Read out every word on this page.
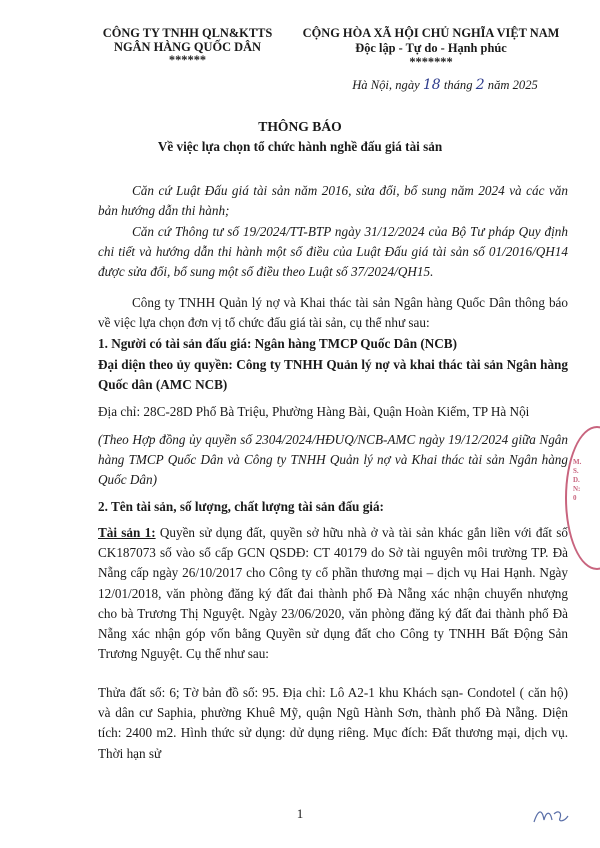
CÔNG TY TNHH QLN&KTTS
NGÂN HÀNG QUỐC DÂN
******
CỘNG HÒA XÃ HỘI CHỦ NGHĨA VIỆT NAM
Độc lập - Tự do - Hạnh phúc
*******
Hà Nội, ngày 18 tháng 2 năm 2025
THÔNG BÁO
Về việc lựa chọn tổ chức hành nghề đấu giá tài sản
Căn cứ Luật Đấu giá tài sản năm 2016, sửa đổi, bổ sung năm 2024 và các văn bản hướng dẫn thi hành;
Căn cứ Thông tư số 19/2024/TT-BTP ngày 31/12/2024 của Bộ Tư pháp Quy định chi tiết và hướng dẫn thi hành một số điều của Luật Đấu giá tài sản số 01/2016/QH14 được sửa đổi, bổ sung một số điều theo Luật số 37/2024/QH15.
Công ty TNHH Quản lý nợ và Khai thác tài sản Ngân hàng Quốc Dân thông báo về việc lựa chọn đơn vị tổ chức đấu giá tài sản, cụ thể như sau:
1. Người có tài sản đấu giá: Ngân hàng TMCP Quốc Dân (NCB)
Đại diện theo ủy quyền: Công ty TNHH Quản lý nợ và khai thác tài sản Ngân hàng Quốc dân (AMC NCB)
Địa chỉ: 28C-28D Phố Bà Triệu, Phường Hàng Bài, Quận Hoàn Kiếm, TP Hà Nội
(Theo Hợp đồng ủy quyền số 2304/2024/HĐUQ/NCB-AMC ngày 19/12/2024 giữa Ngân hàng TMCP Quốc Dân và Công ty TNHH Quản lý nợ và Khai thác tài sản Ngân hàng Quốc Dân)
2. Tên tài sản, số lượng, chất lượng tài sản đấu giá:
Tài sản 1: Quyền sử dụng đất, quyền sở hữu nhà ở và tài sản khác gắn liền với đất số CK187073 số vào sổ cấp GCN QSDĐ: CT 40179 do Sở tài nguyên môi trường TP. Đà Nẵng cấp ngày 26/10/2017 cho Công ty cổ phần thương mại – dịch vụ Hai Hạnh. Ngày 12/01/2018, văn phòng đăng ký đất đai thành phố Đà Nẵng xác nhận chuyển nhượng cho bà Trương Thị Nguyệt. Ngày 23/06/2020, văn phòng đăng ký đất đai thành phố Đà Nẵng xác nhận góp vốn bằng Quyền sử dụng đất cho Công ty TNHH Bất Động Sản Trương Nguyệt. Cụ thể như sau:
Thửa đất số: 6; Tờ bản đồ số: 95. Địa chỉ: Lô A2-1 khu Khách sạn- Condotel ( căn hộ) và dân cư Saphia, phường Khuê Mỹ, quận Ngũ Hành Sơn, thành phố Đà Nẵng. Diện tích: 2400 m2. Hình thức sử dụng: dử dụng riêng. Mục đích: Đất thương mại, dịch vụ. Thời hạn sử
M.S.D.N:0
1
